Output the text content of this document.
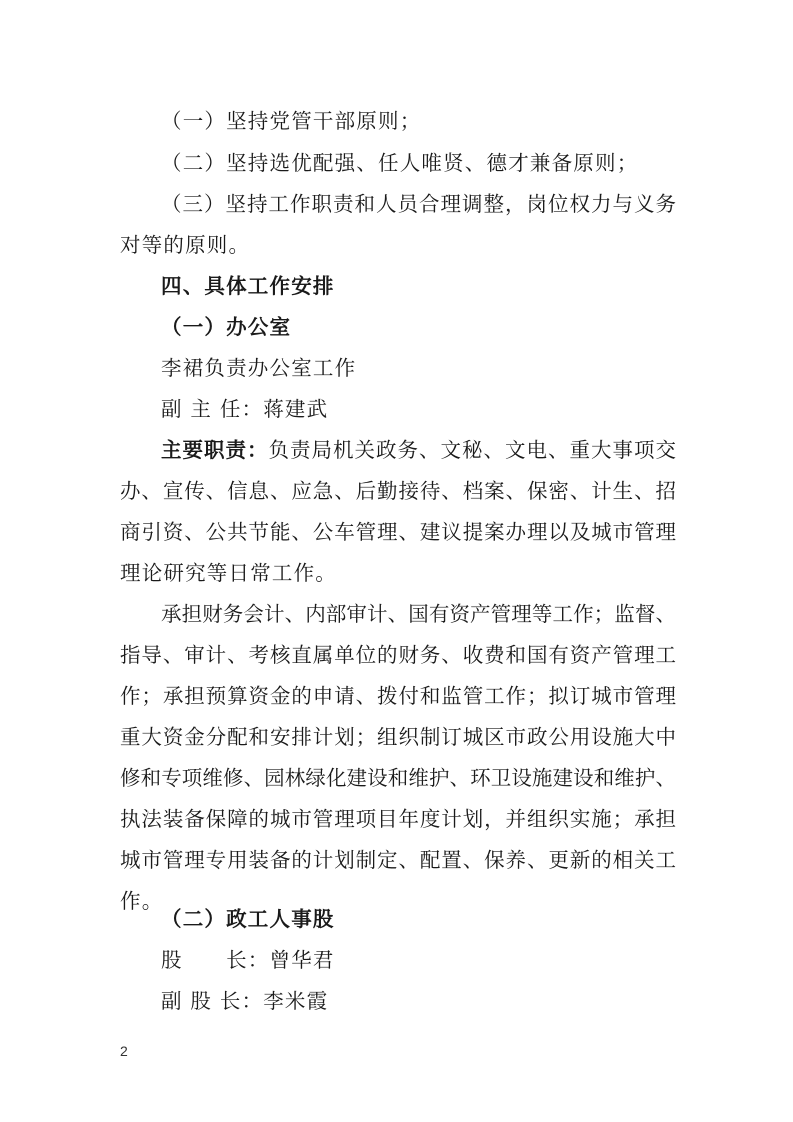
（一）坚持党管干部原则；
（二）坚持选优配强、任人唯贤、德才兼备原则；
（三）坚持工作职责和人员合理调整，岗位权力与义务
对等的原则。
四、具体工作安排
（一）办公室
李裙负责办公室工作
副 主 任：蒋建武
主要职责：负责局机关政务、文秘、文电、重大事项交
办、宣传、信息、应急、后勤接待、档案、保密、计生、招
商引资、公共节能、公车管理、建议提案办理以及城市管理
理论研究等日常工作。
承担财务会计、内部审计、国有资产管理等工作；监督、
指导、审计、考核直属单位的财务、收费和国有资产管理工
作；承担预算资金的申请、拨付和监管工作；拟订城市管理
重大资金分配和安排计划；组织制订城区市政公用设施大中
修和专项维修、园林绿化建设和维护、环卫设施建设和维护、
执法装备保障的城市管理项目年度计划，并组织实施；承担
城市管理专用装备的计划制定、配置、保养、更新的相关工
作。
（二）政工人事股
股　　长：曾华君
副 股 长：李米霞
2
